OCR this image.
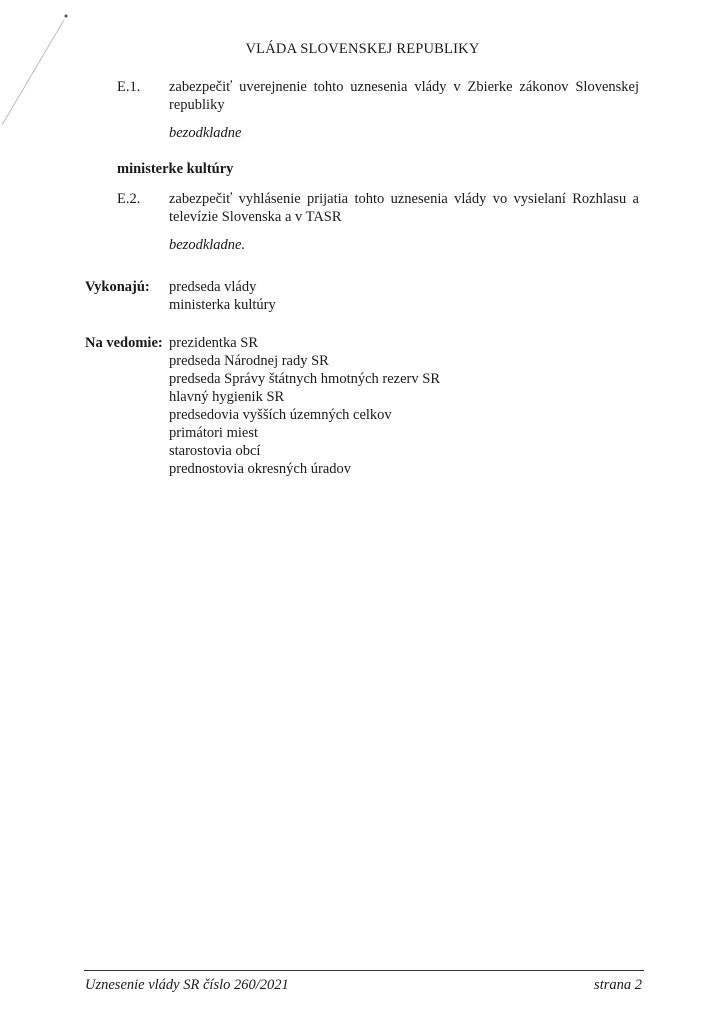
VLÁDA SLOVENSKEJ REPUBLIKY
E.1. zabezpečiť uverejnenie tohto uznesenia vlády v Zbierke zákonov Slovenskej republiky
bezodkladne
ministerke kultúry
E.2. zabezpečiť vyhlásenie prijatia tohto uznesenia vlády vo vysielaní Rozhlasu a televízie Slovenska a v TASR
bezodkladne.
Vykonajú: predseda vlády
ministerka kultúry
Na vedomie: prezidentka SR
predseda Národnej rady SR
predseda Správy štátnych hmotných rezerv SR
hlavný hygienik SR
predsedovia vyšších územných celkov
primátori miest
starostovia obcí
prednostovia okresných úradov
Uznesenie vlády SR číslo 260/2021	strana 2
